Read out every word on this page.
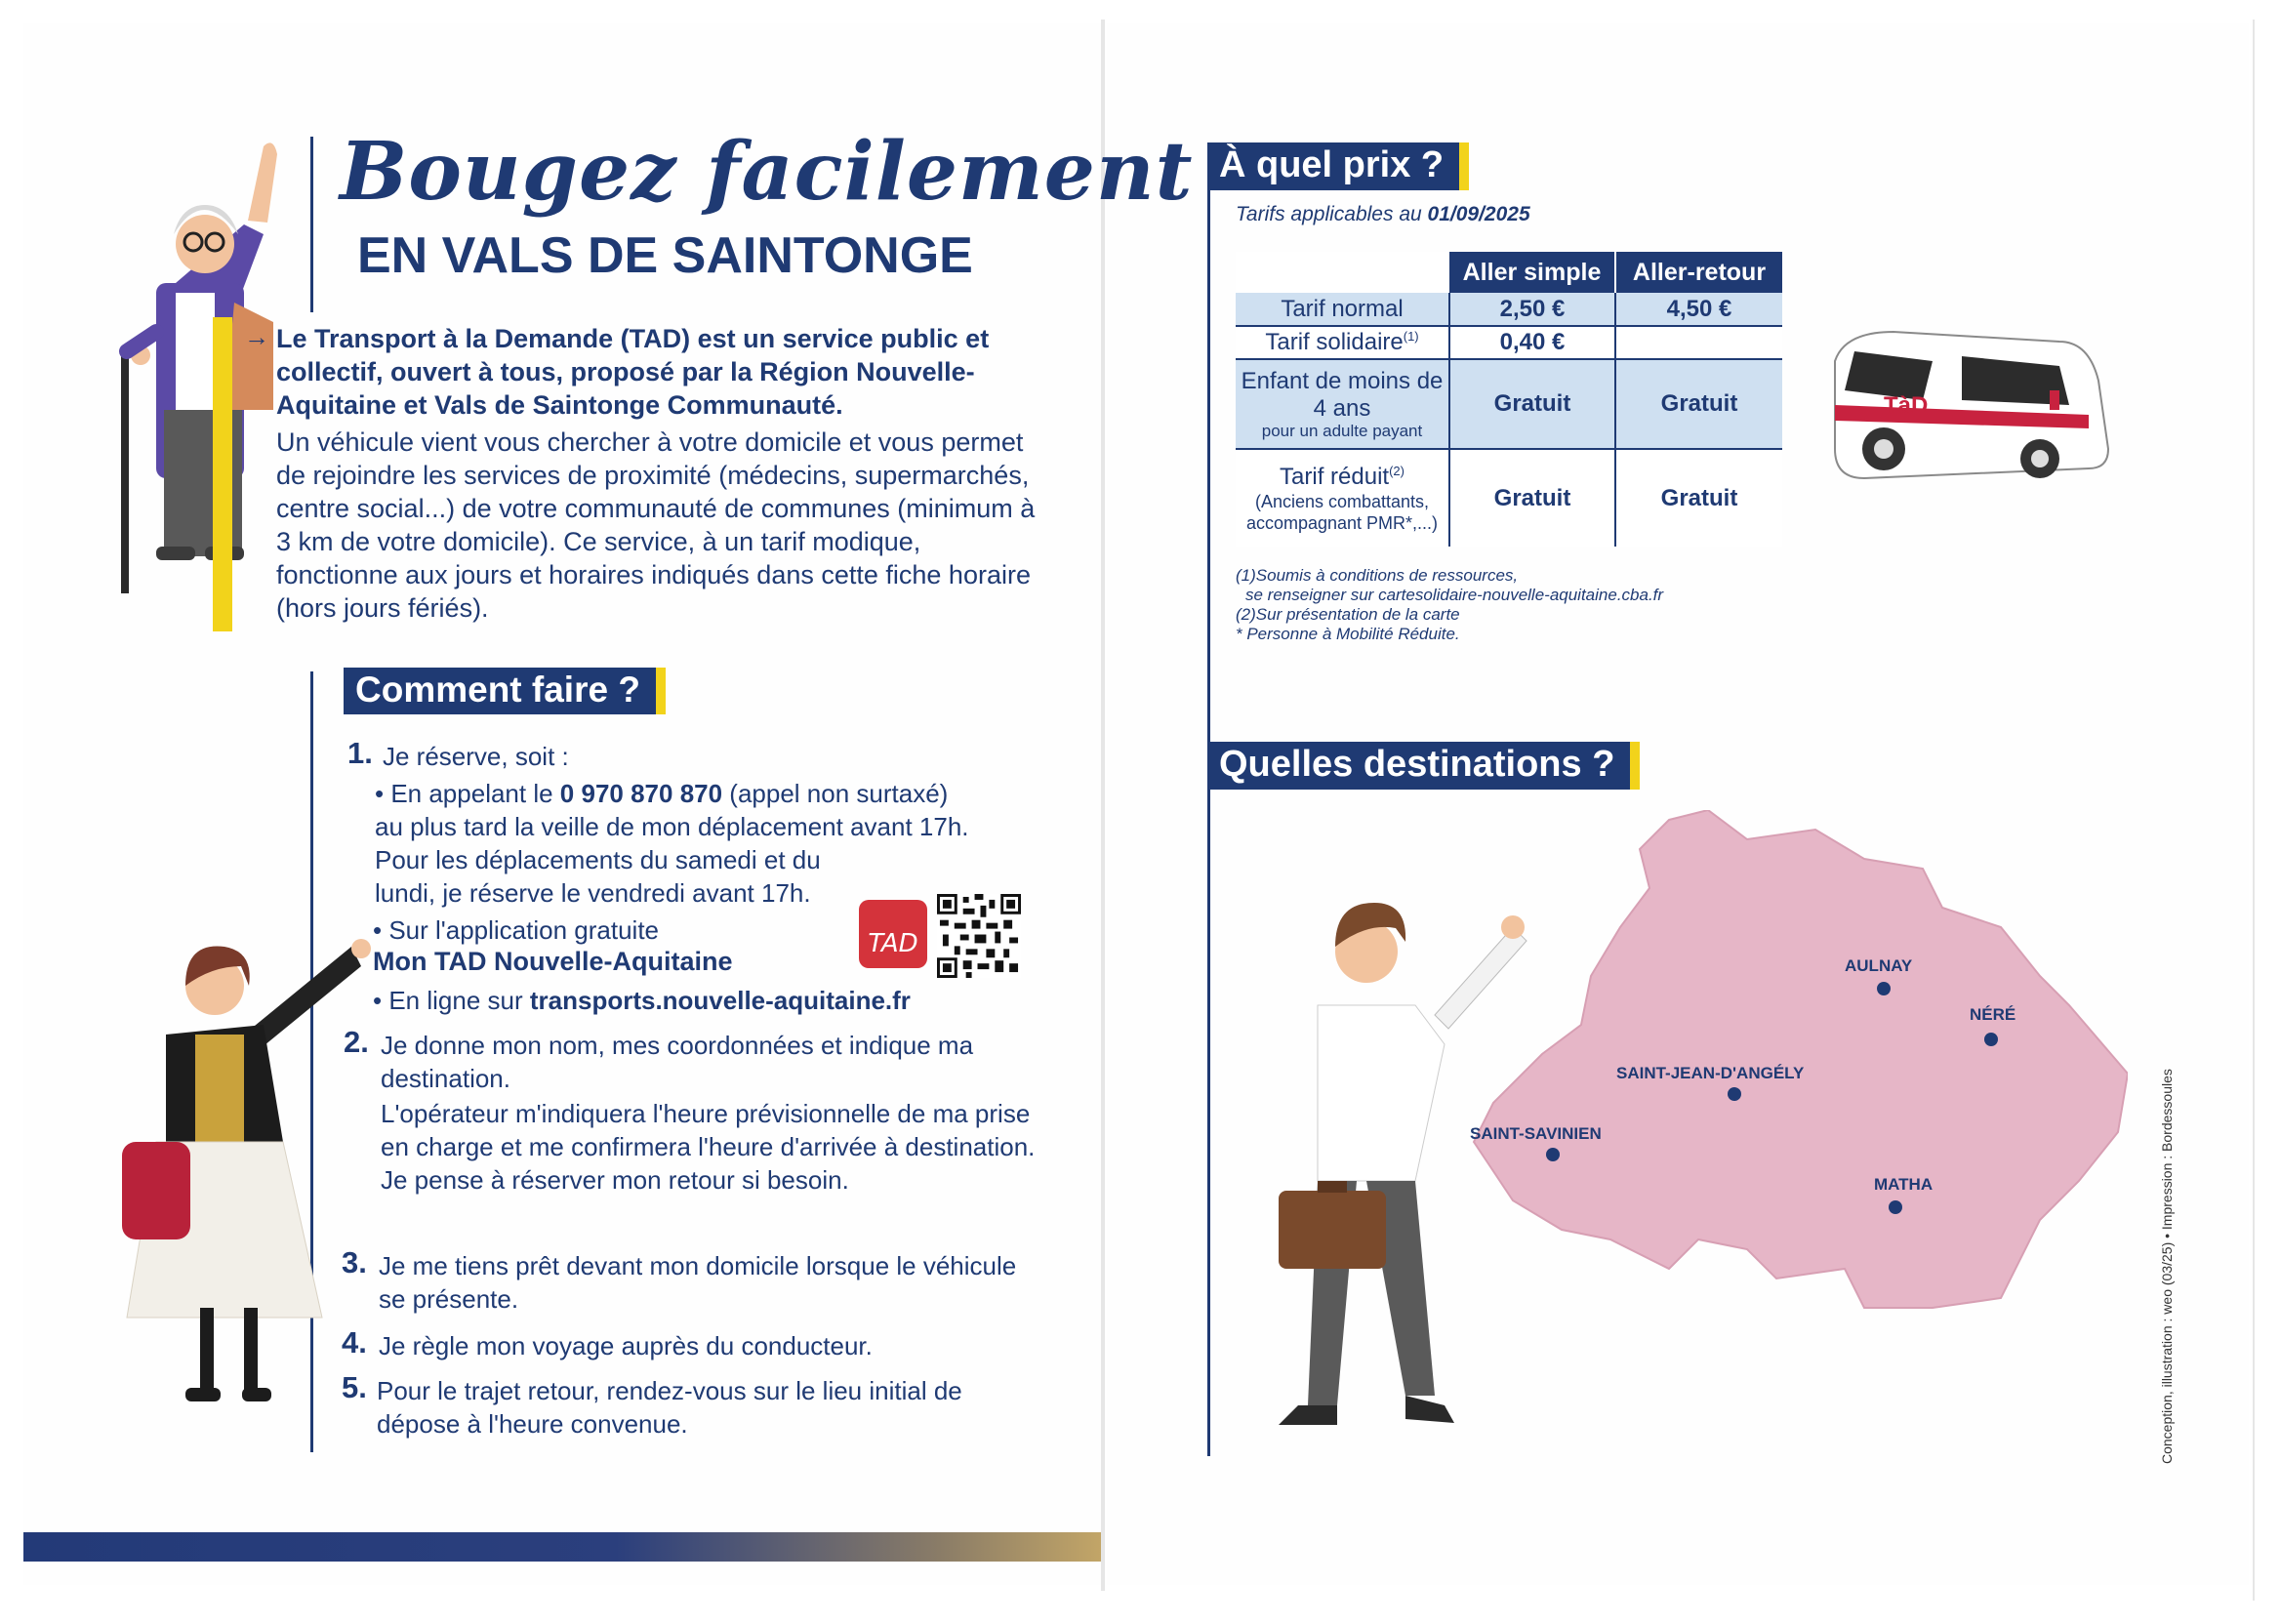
Bougez facilement
EN VALS DE SAINTONGE
→ Le Transport à la Demande (TAD) est un service public et collectif, ouvert à tous, proposé par la Région Nouvelle-Aquitaine et Vals de Saintonge Communauté.
Un véhicule vient vous chercher à votre domicile et vous permet de rejoindre les services de proximité (médecins, supermarchés, centre social...) de votre communauté de communes (minimum à 3 km de votre domicile). Ce service, à un tarif modique, fonctionne aux jours et horaires indiqués dans cette fiche horaire (hors jours fériés).
Comment faire ?
1. Je réserve, soit :
• En appelant le 0 970 870 870 (appel non surtaxé)
au plus tard la veille de mon déplacement avant 17h.
Pour les déplacements du samedi et du
lundi, je réserve le vendredi avant 17h.
• Sur l'application gratuite
Mon TAD Nouvelle-Aquitaine
• En ligne sur transports.nouvelle-aquitaine.fr
TAD
2. Je donne mon nom, mes coordonnées et indique ma destination.
L'opérateur m'indiquera l'heure prévisionnelle de ma prise en charge et me confirmera l'heure d'arrivée à destination. Je pense à réserver mon retour si besoin.
3. Je me tiens prêt devant mon domicile lorsque le véhicule se présente.
4. Je règle mon voyage auprès du conducteur.
5. Pour le trajet retour, rendez-vous sur le lieu initial de dépose à l'heure convenue.
À quel prix ?
Tarifs applicables au 01/09/2025
	Aller simple	Aller-retour
Tarif normal	2,50 €	4,50 €
Tarif solidaire$^{(1)}$	0,40 €	
Enfant de moins de 4 ans
pour un adulte payant	Gratuit	Gratuit
Tarif réduit$^{(2)}$
(Anciens combattants, accompagnant PMR*,...)	Gratuit	Gratuit
(1)Soumis à conditions de ressources,
se renseigner sur cartesolidaire-nouvelle-aquitaine.cba.fr
(2)Sur présentation de la carte
* Personne à Mobilité Réduite.
TàD
Quelles destinations ?
AULNAY
NÉRÉ
SAINT-JEAN-D'ANGÉLY
SAINT-SAVINIEN
MATHA	Conception, illustration : weo (03/25) • Impression : Bordessoules
